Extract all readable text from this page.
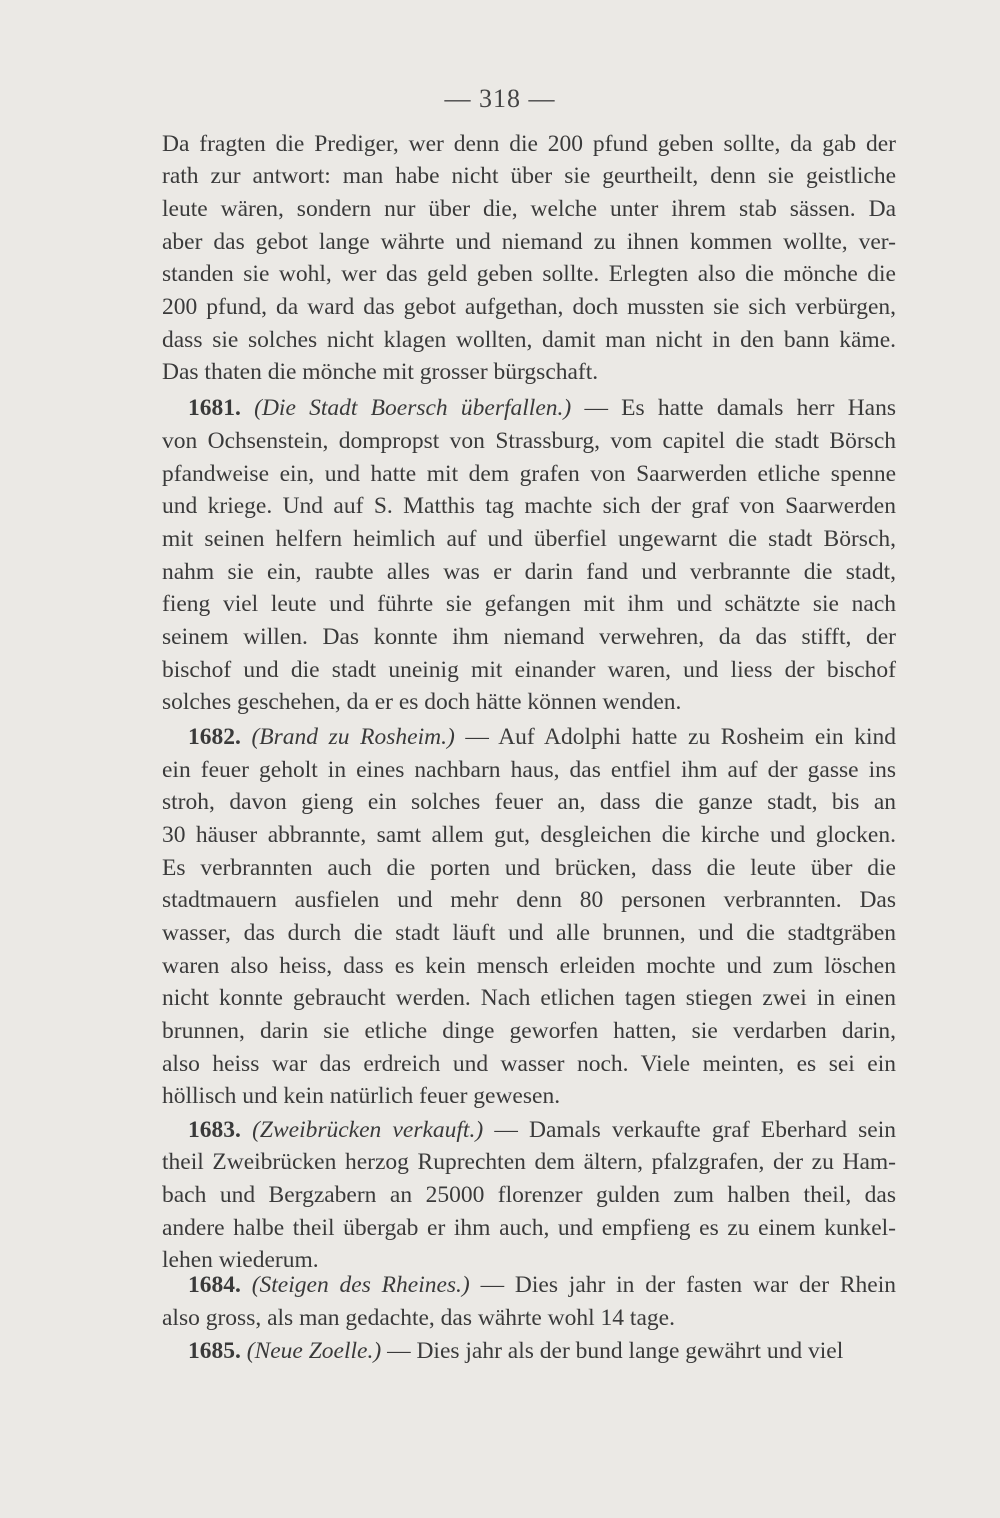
— 318 —
Da fragten die Prediger, wer denn die 200 pfund geben sollte, da gab der
rath zur antwort: man habe nicht über sie geurtheilt, denn sie geistliche
leute wären, sondern nur über die, welche unter ihrem stab sässen. Da
aber das gebot lange währte und niemand zu ihnen kommen wollte, ver-
standen sie wohl, wer das geld geben sollte. Erlegten also die mönche die
200 pfund, da ward das gebot aufgethan, doch mussten sie sich verbürgen,
dass sie solches nicht klagen wollten, damit man nicht in den bann käme.
Das thaten die mönche mit grosser bürgschaft.
1681. (Die Stadt Boersch überfallen.) — Es hatte damals herr Hans
von Ochsenstein, dompropst von Strassburg, vom capitel die stadt Börsch
pfandweise ein, und hatte mit dem grafen von Saarwerden etliche spenne
und kriege. Und auf S. Matthis tag machte sich der graf von Saarwerden
mit seinen helfern heimlich auf und überfiel ungewarnt die stadt Börsch,
nahm sie ein, raubte alles was er darin fand und verbrannte die stadt,
fieng viel leute und führte sie gefangen mit ihm und schätzte sie nach
seinem willen. Das konnte ihm niemand verwehren, da das stifft, der
bischof und die stadt uneinig mit einander waren, und liess der bischof
solches geschehen, da er es doch hätte können wenden.
1682. (Brand zu Rosheim.) — Auf Adolphi hatte zu Rosheim ein kind
ein feuer geholt in eines nachbarn haus, das entfiel ihm auf der gasse ins
stroh, davon gieng ein solches feuer an, dass die ganze stadt, bis an
30 häuser abbrannte, samt allem gut, desgleichen die kirche und glocken.
Es verbrannten auch die porten und brücken, dass die leute über die
stadtmauern ausfielen und mehr denn 80 personen verbrannten. Das
wasser, das durch die stadt läuft und alle brunnen, und die stadtgräben
waren also heiss, dass es kein mensch erleiden mochte und zum löschen
nicht konnte gebraucht werden. Nach etlichen tagen stiegen zwei in einen
brunnen, darin sie etliche dinge geworfen hatten, sie verdarben darin,
also heiss war das erdreich und wasser noch. Viele meinten, es sei ein
höllisch und kein natürlich feuer gewesen.
1683. (Zweibrücken verkauft.) — Damals verkaufte graf Eberhard sein
theil Zweibrücken herzog Ruprechten dem ältern, pfalzgrafen, der zu Ham-
bach und Bergzabern an 25000 florenzer gulden zum halben theil, das
andere halbe theil übergab er ihm auch, und empfieng es zu einem kunkel-
lehen wiederum.
1684. (Steigen des Rheines.) — Dies jahr in der fasten war der Rhein
also gross, als man gedachte, das währte wohl 14 tage.
1685. (Neue Zoelle.) — Dies jahr als der bund lange gewährt und viel
